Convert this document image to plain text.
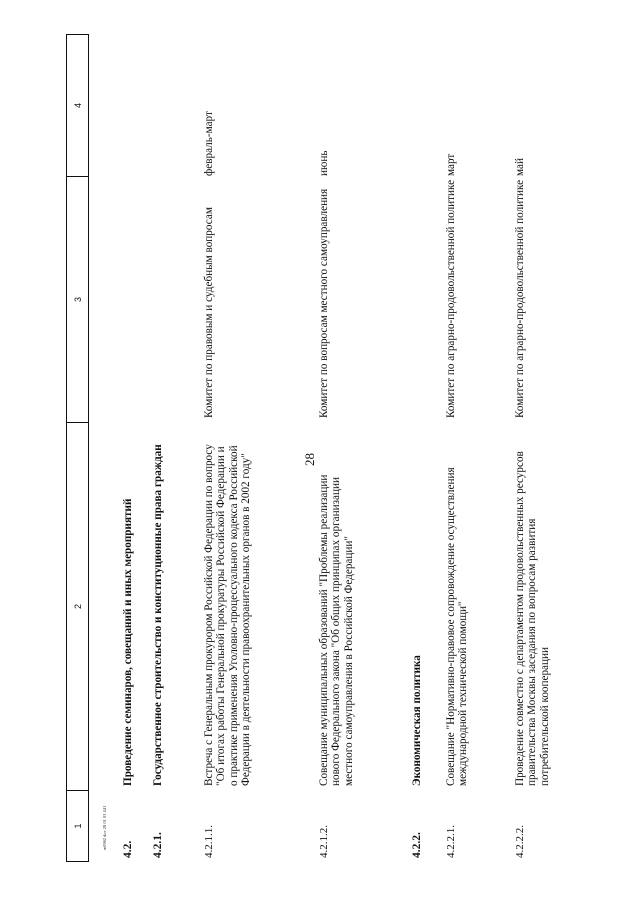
28
m0962 doc 28 01 03 441
1
2
3
4
4.2.
Проведение семинаров, совещаний и иных мероприятий
4.2.1.
Государственное строительство и конституционные права граждан
4.2.1.1.
Встреча с Генеральным прокурором Российской Федерации по вопросу "Об итогах работы Генеральной прокуратуры Российской Федерации и о практике применения Уголовно-процессуального кодекса Российской Федерации в деятельности правоохранительных органов в 2002 году"
Комитет по правовым и судебным вопросам
февраль-март
4.2.1.2.
Совещание муниципальных образований "Проблемы реализации нового Федерального закона "Об общих принципах организации местного самоуправления в Российской Федерации"
Комитет по вопросам местного самоуправления
июнь
4.2.2.
Экономическая политика
4.2.2.1.
Совещание "Нормативно-правовое сопровождение осуществления международной технической помощи"
Комитет по аграрно-продовольственной политике
март
4.2.2.2.
Проведение совместно с департаментом продовольственных ресурсов правительства Москвы заседания по вопросам развития потребительской кооперации
Комитет по аграрно-продовольственной политике
май
